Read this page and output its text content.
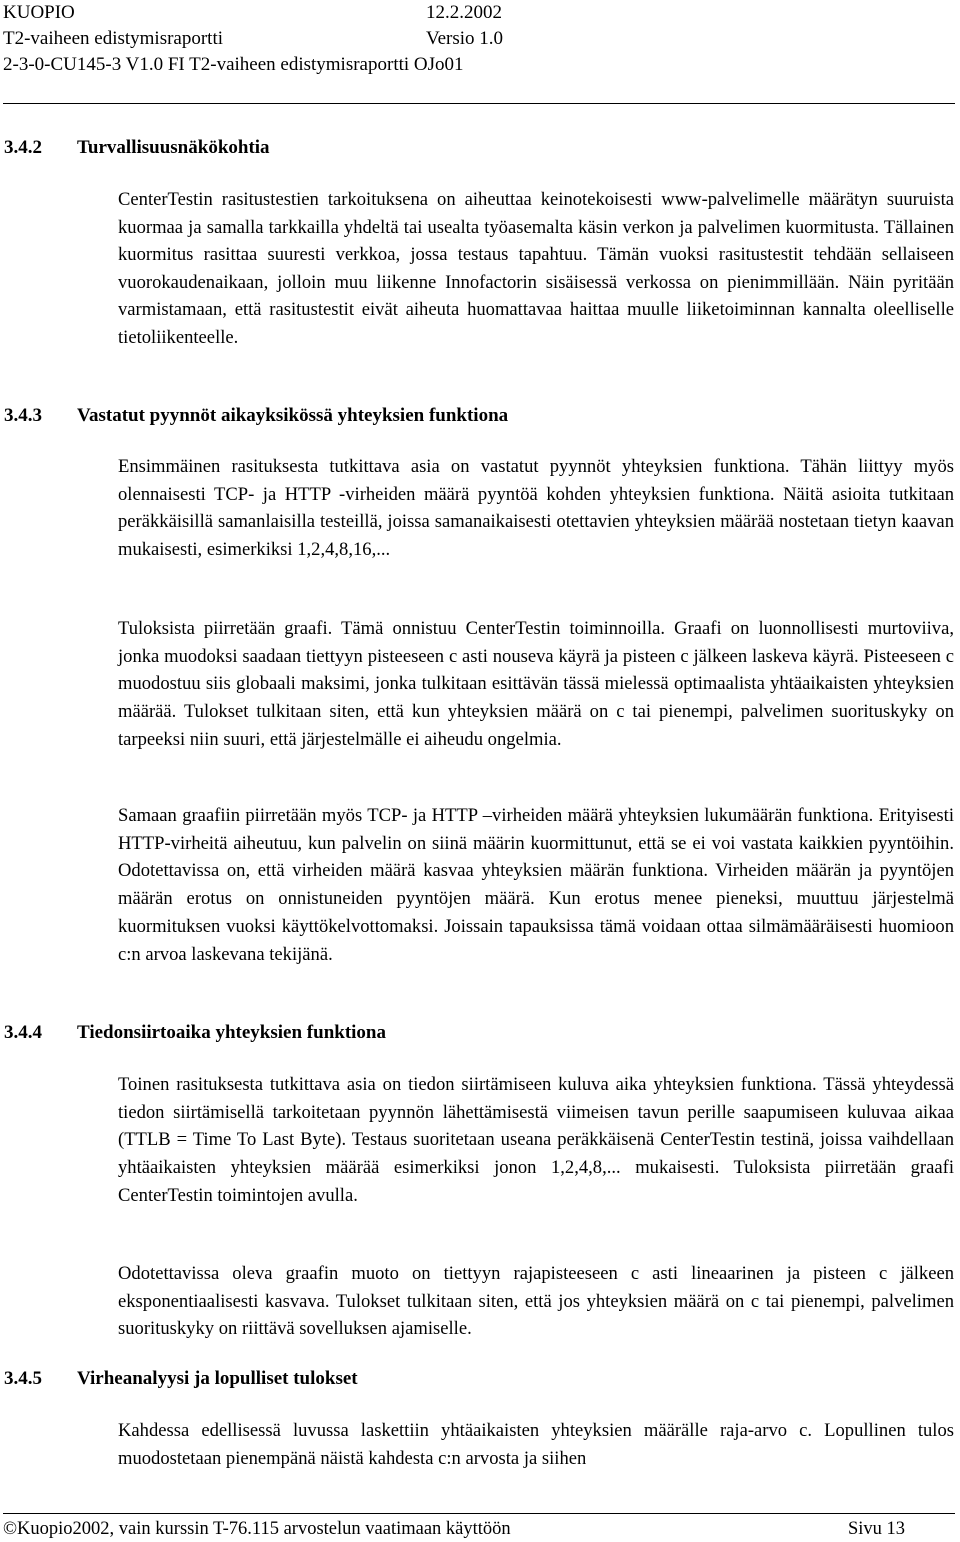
KUOPIO	12.2.2002
T2-vaiheen edistymisraportti	Versio 1.0
2-3-0-CU145-3 V1.0 FI T2-vaiheen edistymisraportti OJo01
3.4.2 Turvallisuusnäkökohtia

CenterTestin rasitustestien tarkoituksena on aiheuttaa keinotekoisesti www-palvelimelle määrätyn suuruista kuormaa ja samalla tarkkailla yhdeltä tai usealta työasemalta käsin verkon ja palvelimen kuormitusta. Tällainen kuormitus rasittaa suuresti verkkoa, jossa testaus tapahtuu. Tämän vuoksi rasitustestit tehdään sellaiseen vuorokaudenaikaan, jolloin muu liikenne Innofactorin sisäisessä verkossa on pienimmillään. Näin pyritään varmistamaan, että rasitustestit eivät aiheuta huomattavaa haittaa muulle liiketoiminnan kannalta oleelliselle tietoliikenteelle.

3.4.3 Vastatut pyynnöt aikayksikössä yhteyksien funktiona

Ensimmäinen rasituksesta tutkittava asia on vastatut pyynnöt yhteyksien funktiona. Tähän liittyy myös olennaisesti TCP- ja HTTP -virheiden määrä pyyntöä kohden yhteyksien funktiona. Näitä asioita tutkitaan peräkkäisillä samanlaisilla testeillä, joissa samanaikaisesti otettavien yhteyksien määrää nostetaan tietyn kaavan mukaisesti, esimerkiksi 1,2,4,8,16,...

Tuloksista piirretään graafi. Tämä onnistuu CenterTestin toiminnoilla. Graafi on luonnollisesti murtoviiva, jonka muodoksi saadaan tiettyyn pisteeseen c asti nouseva käyrä ja pisteen c jälkeen laskeva käyrä. Pisteeseen c muodostuu siis globaali maksimi, jonka tulkitaan esittävän tässä mielessä optimaalista yhtäaikaisten yhteyksien määrää. Tulokset tulkitaan siten, että kun yhteyksien määrä on c tai pienempi, palvelimen suorituskyky on tarpeeksi niin suuri, että järjestelmälle ei aiheudu ongelmia.

Samaan graafiin piirretään myös TCP- ja HTTP –virheiden määrä yhteyksien lukumäärän funktiona. Erityisesti HTTP-virheitä aiheutuu, kun palvelin on siinä määrin kuormittunut, että se ei voi vastata kaikkien pyyntöihin. Odotettavissa on, että virheiden määrä kasvaa yhteyksien määrän funktiona. Virheiden määrän ja pyyntöjen määrän erotus on onnistuneiden pyyntöjen määrä. Kun erotus menee pieneksi, muuttuu järjestelmä kuormituksen vuoksi käyttökelvottomaksi. Joissain tapauksissa tämä voidaan ottaa silmämääräisesti huomioon c:n arvoa laskevana tekijänä.

3.4.4 Tiedonsiirtoaika yhteyksien funktiona

Toinen rasituksesta tutkittava asia on tiedon siirtämiseen kuluva aika yhteyksien funktiona. Tässä yhteydessä tiedon siirtämisellä tarkoitetaan pyynnön lähettämisestä viimeisen tavun perille saapumiseen kuluvaa aikaa (TTLB = Time To Last Byte). Testaus suoritetaan useana peräkkäisenä CenterTestin testinä, joissa vaihdellaan yhtäaikaisten yhteyksien määrää esimerkiksi jonon 1,2,4,8,... mukaisesti. Tuloksista piirretään graafi CenterTestin toimintojen avulla.

Odotettavissa oleva graafin muoto on tiettyyn rajapisteeseen c asti lineaarinen ja pisteen c jälkeen eksponentiaalisesti kasvava. Tulokset tulkitaan siten, että jos yhteyksien määrä on c tai pienempi, palvelimen suorituskyky on riittävä sovelluksen ajamiselle.

3.4.5 Virheanalyysi ja lopulliset tulokset

Kahdessa edellisessä luvussa laskettiin yhtäaikaisten yhteyksien määrälle raja-arvo c. Lopullinen tulos muodostetaan pienempänä näistä kahdesta c:n arvosta ja siihen

©Kuopio2002, vain kurssin T-76.115 arvostelun vaatimaan käyttöön	Sivu 13
